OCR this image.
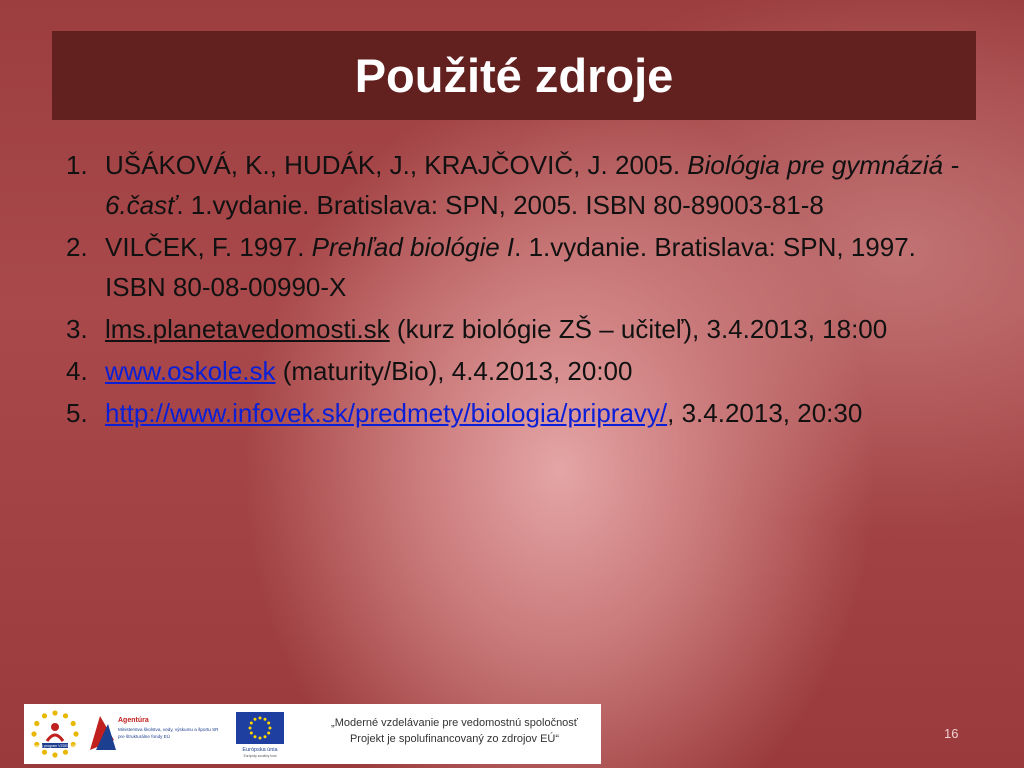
Použité zdroje
1. UŠÁKOVÁ, K., HUDÁK, J., KRAJČOVIČ, J. 2005. Biológia pre gymnáziá - 6.časť. 1.vydanie. Bratislava: SPN, 2005. ISBN 80-89003-81-8
2. VILČEK, F. 1997. Prehľad biológie I. 1.vydanie. Bratislava: SPN, 1997. ISBN 80-08-00990-X
3. lms.planetavedomosti.sk (kurz biológie ZŠ – učiteľ), 3.4.2013, 18:00
4. www.oskole.sk (maturity/Bio), 4.4.2013, 20:00
5. http://www.infovek.sk/predmety/biologia/pripravy/, 3.4.2013, 20:30
Operačný program VZDELÁVANIE
Agentúra
Ministerstva školstva, vedy, výskumu a športu SR
pre štrukturálne fondy EÚ
Európska únia
Európsky sociálny fond
„Moderné vzdelávanie pre vedomostnú spoločnosť
Projekt je spolufinancovaný zo zdrojov EÚ“	16
